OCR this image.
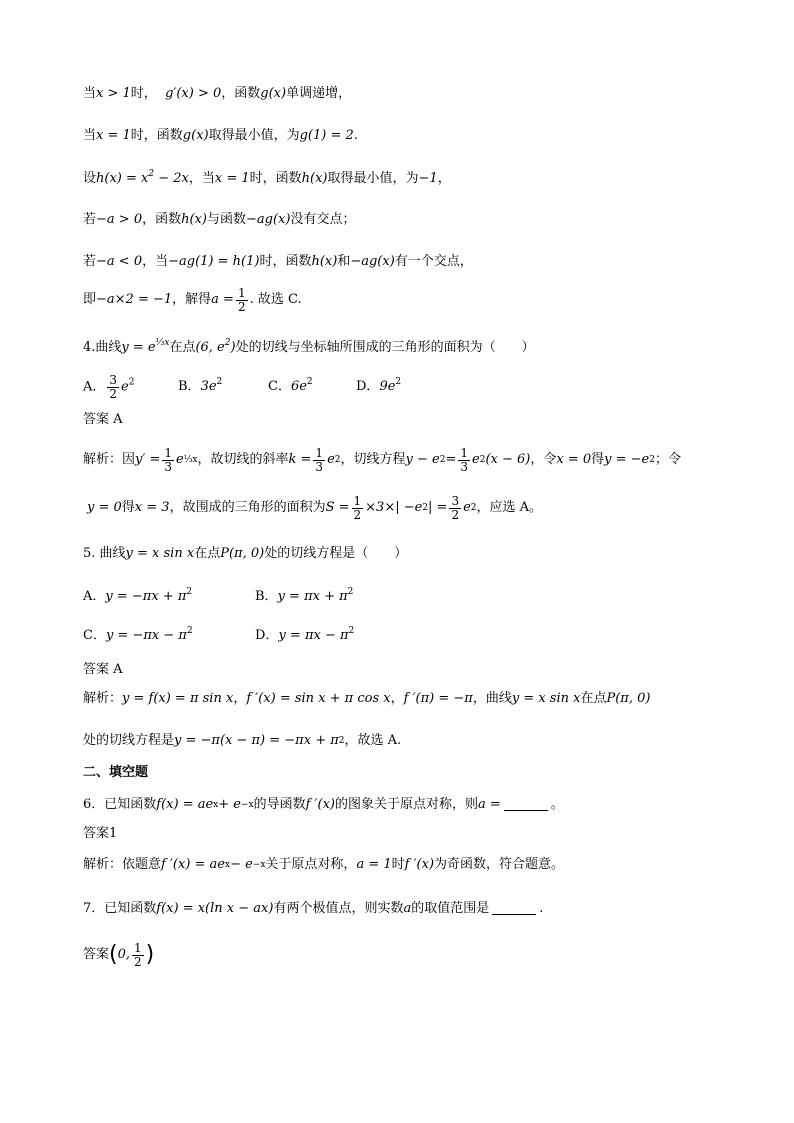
当 x > 1 时，
g′(x) > 0 ，函数 g(x) 单调递增，
当 x = 1 时，函数 g(x) 取得最小值，为 g(1) = 2 .
设 $h(x) = x^2 - 2x$ ，当 x = 1 时，函数 h(x) 取得最小值，为 −1 ，
若 −a > 0 ，函数 h(x) 与函数 −ag(x) 没有交点；
若 −a < 0 ，当 −ag(1) = h(1) 时，函数 h(x) 和 −ag(x) 有一个交点，
即 −a×2 = −1 ，解得 $a = \frac{1}{2}$ . 故选 C.
4.曲线 $y = e^{\frac{1}{3}x}$ 在点 (6, $e^2$) 处的切线与坐标轴所围成的三角形的面积为（　　）
A． $\frac{3}{2} e^2$	B．$3e^2$	C．$6e^2$	D．$9e^2$
答案 A
解析：因 $y' = \frac{1}{3}$ e ⅓x ，故切线的斜率 $k = \frac{1}{3}$ e 2 ，切线方程 y − e $2 = \frac{1}{3}$ e 2 (x − 6) ，令 x = 0 得 y = −e 2 ；令
y = 0 得 x = 3 ，故围成的三角形的面积为 $S = \frac{1}{2} \times 3\times| -e$ 2 | = $\frac{3}{2}$ e 2 ，应选 A。
5. 曲线 y = x sin x 在点 P(π, 0) 处的切线方程是（　　）
A．$y = -\pi x + \pi^2$	B．$y = \pi x + \pi^2$
C．$y = -\pi x - \pi^2$	D．$y = \pi x - \pi^2$
答案 A
解析： y = f(x) = π sin x ， f ′(x) = sin x + π cos x ， f ′(π) = −π ，曲线 y = x sin x 在点 P(π, 0)
处的切线方程是 y = −π(x − π) = −πx + π 2 ，故选 A.
二、填空题
6．已知函数 f(x) = ae x + e −x 的导函数 f ′(x) 的图象关于原点对称，则 a =	。
答案1
解析：依题意 f ′(x) = ae x − e −x 关于原点对称， a = 1 时 f ′(x) 为奇函数，符合题意。
7．已知函数 f(x) = x(ln x − ax) 有两个极值点，则实数 a 的取值范围是	.
答案 ( 0, $\frac{1}{2}$ )
